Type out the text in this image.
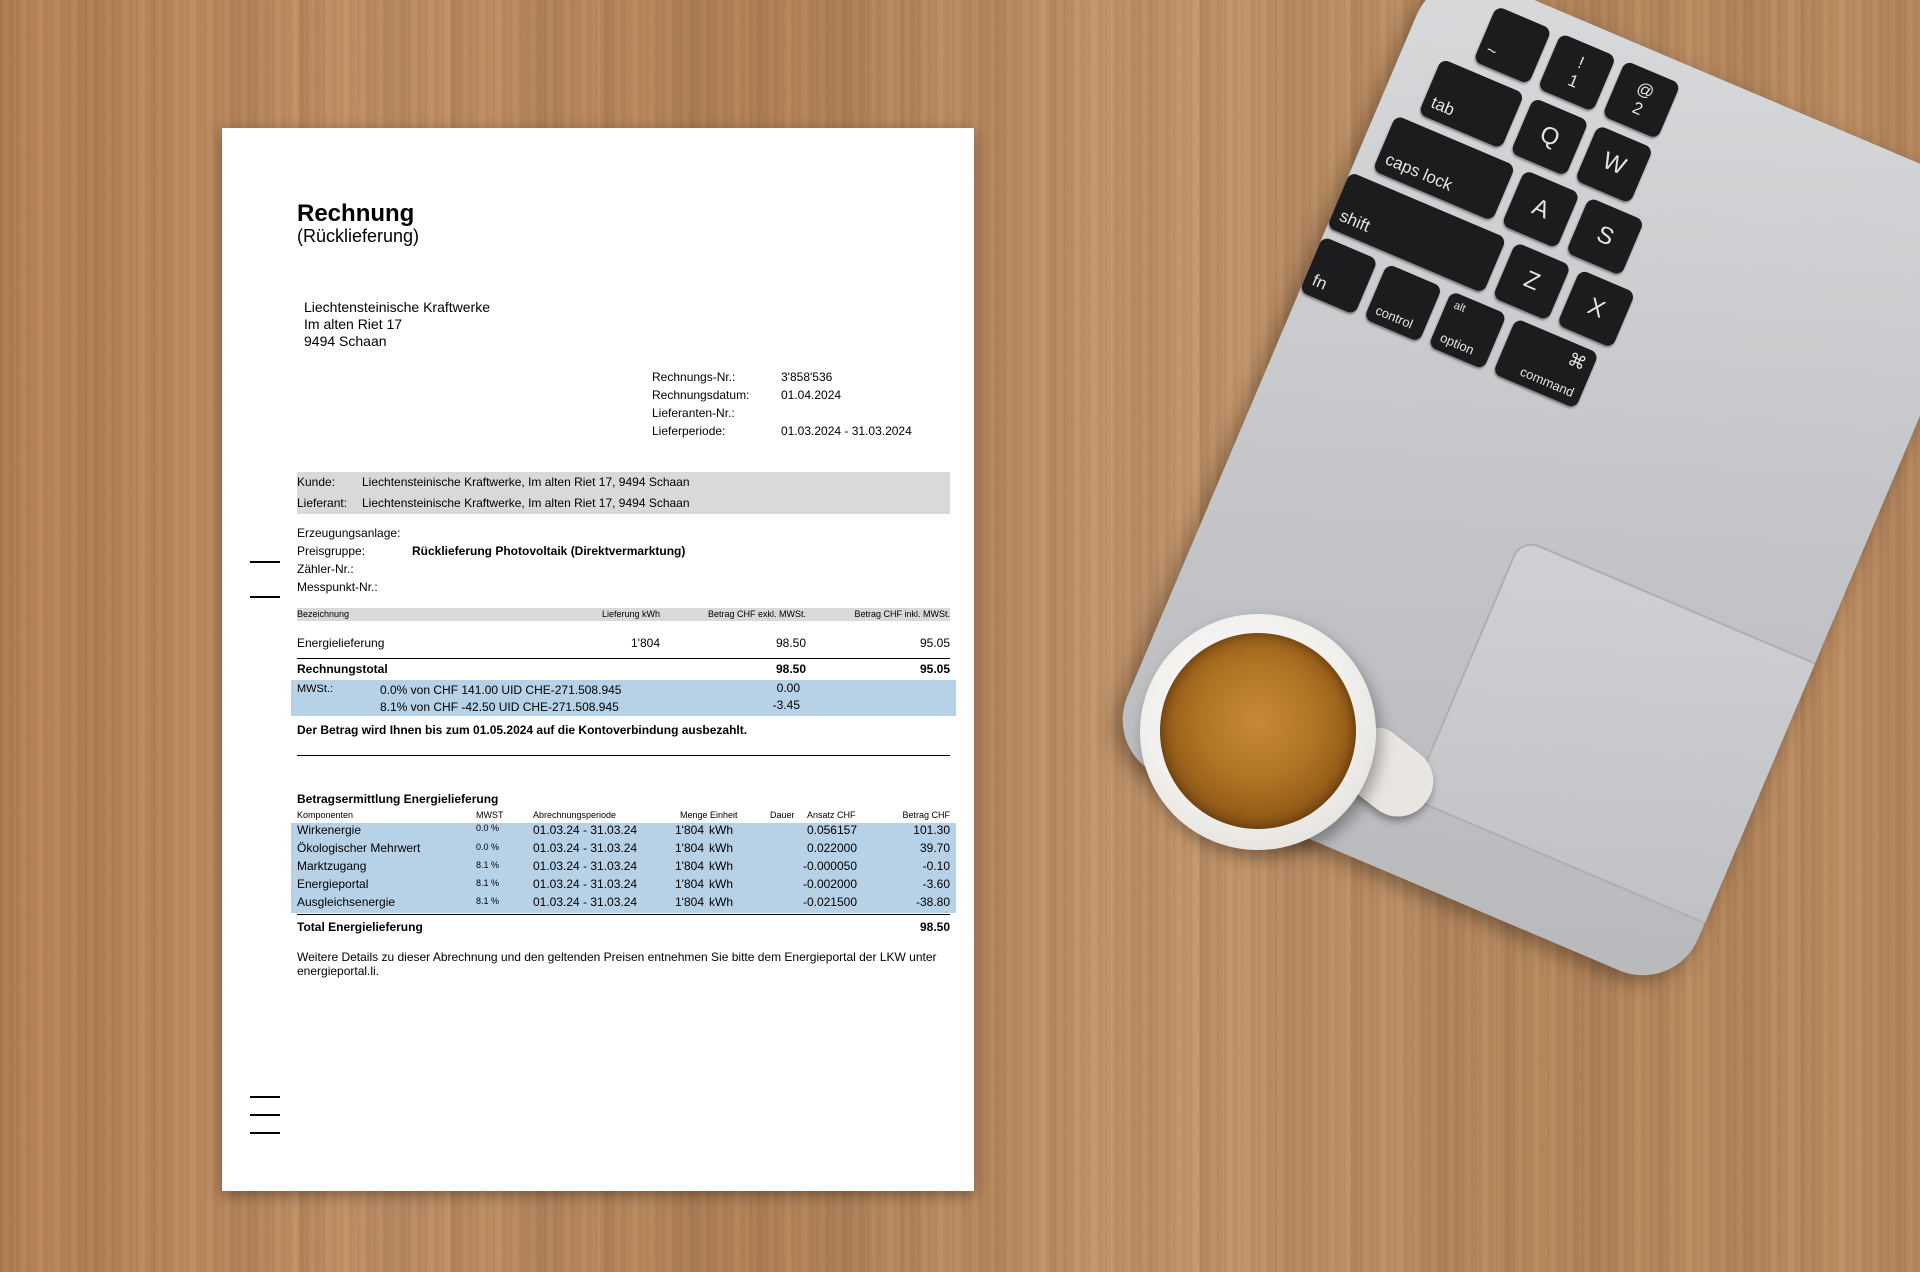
~
!
1	@
2
tab
Q
W
caps lock
A
S
shift
Z
X
fn
control	alt
option
⌘
command
Rechnung
(Rücklieferung)
Liechtensteinische Kraftwerke
Im alten Riet 17
9494 Schaan
Rechnungs-Nr.:	3'858'536
Rechnungsdatum:	01.04.2024
Lieferanten-Nr.:
Lieferperiode:	01.03.2024 - 31.03.2024
Kunde: Liechtensteinische Kraftwerke, Im alten Riet 17, 9494 Schaan
Lieferant: Liechtensteinische Kraftwerke, Im alten Riet 17, 9494 Schaan
Erzeugungsanlage:
Preisgruppe:	Rücklieferung Photovoltaik (Direktvermarktung)
Zähler-Nr.:
Messpunkt-Nr.:
Bezeichnung	Lieferung kWh	Betrag CHF exkl. MWSt.	Betrag CHF inkl. MWSt.
Energielieferung	1'804	98.50	95.05
Rechnungstotal	98.50	95.05
MWSt.:	0.0% von CHF 141.00 UID CHE-271.508.945	0.00
8.1% von CHF -42.50 UID CHE-271.508.945	-3.45
Der Betrag wird Ihnen bis zum 01.05.2024 auf die Kontoverbindung ausbezahlt.
Betragsermittlung Energielieferung
Komponenten	MWST	Abrechnungsperiode	Menge Einheit	Dauer Ansatz CHF	Betrag CHF
Wirkenergie	0.0 %	01.03.24 - 31.03.24	1'804 kWh	0.056157	101.30
Ökologischer Mehrwert	0.0 %	01.03.24 - 31.03.24	1'804 kWh	0.022000	39.70
Marktzugang	8.1 %	01.03.24 - 31.03.24	1'804 kWh	-0.000050	-0.10
Energieportal	8.1 %	01.03.24 - 31.03.24	1'804 kWh	-0.002000	-3.60
Ausgleichsenergie	8.1 %	01.03.24 - 31.03.24	1'804 kWh	-0.021500	-38.80
Total Energielieferung	98.50
Weitere Details zu dieser Abrechnung und den geltenden Preisen entnehmen Sie bitte dem Energieportal der LKW unter energieportal.li.
